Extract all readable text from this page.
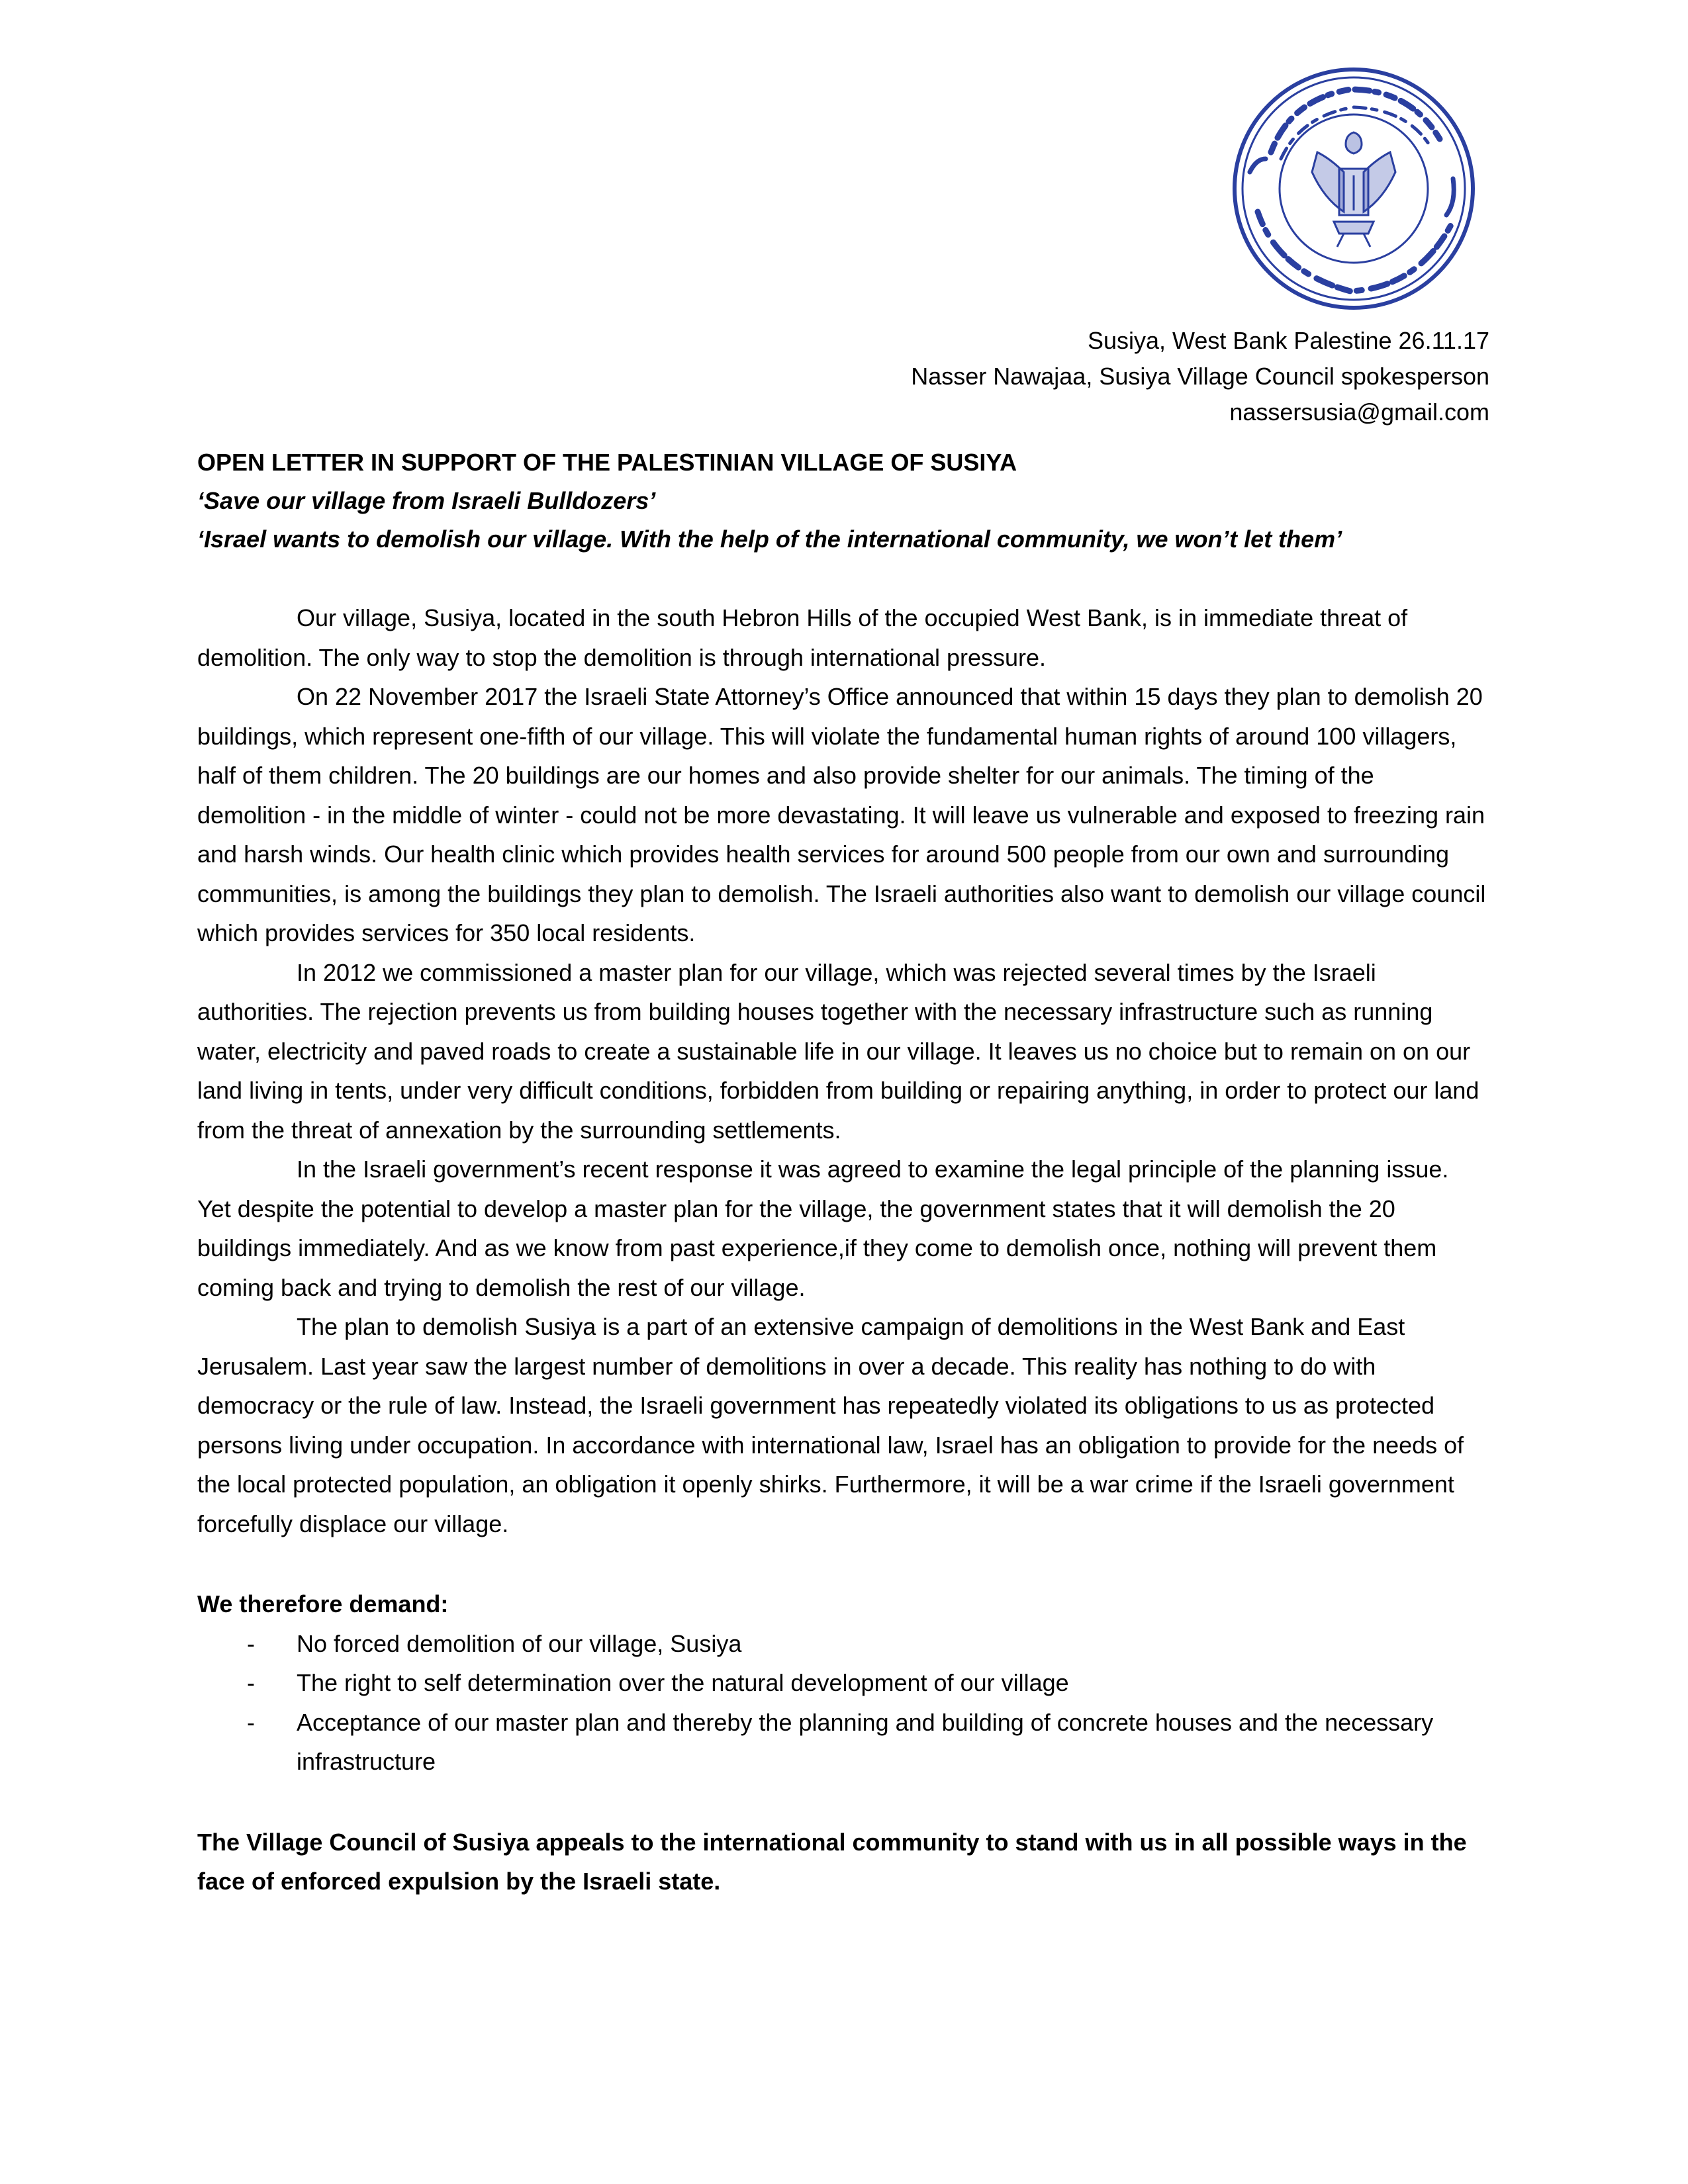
Susiya, West Bank Palestine 26.11.17
Nasser Nawajaa, Susiya Village Council spokesperson
nassersusia@gmail.com
OPEN LETTER IN SUPPORT OF THE PALESTINIAN VILLAGE OF SUSIYA
‘Save our village from Israeli Bulldozers’
‘Israel wants to demolish our village. With the help of the international community, we won’t let them’

Our village, Susiya, located in the south Hebron Hills of the occupied West Bank, is in immediate threat of demolition. The only way to stop the demolition is through international pressure.

On 22 November 2017 the Israeli State Attorney’s Office announced that within 15 days they plan to demolish 20 buildings, which represent one-fifth of our village. This will violate the fundamental human rights of around 100 villagers, half of them children. The 20 buildings are our homes and also provide shelter for our animals. The timing of the demolition - in the middle of winter - could not be more devastating. It will leave us vulnerable and exposed to freezing rain and harsh winds. Our health clinic which provides health services for around 500 people from our own and surrounding communities, is among the buildings they plan to demolish. The Israeli authorities also want to demolish our village council which provides services for 350 local residents.

In 2012 we commissioned a master plan for our village, which was rejected several times by the Israeli authorities. The rejection prevents us from building houses together with the necessary infrastructure such as running water, electricity and paved roads to create a sustainable life in our village. It leaves us no choice but to remain on on our land living in tents, under very difficult conditions, forbidden from building or repairing anything, in order to protect our land from the threat of annexation by the surrounding settlements.

In the Israeli government’s recent response it was agreed to examine the legal principle of the planning issue. Yet despite the potential to develop a master plan for the village, the government states that it will demolish the 20 buildings immediately. And as we know from past experience,if they come to demolish once, nothing will prevent them coming back and trying to demolish the rest of our village.

The plan to demolish Susiya is a part of an extensive campaign of demolitions in the West Bank and East Jerusalem. Last year saw the largest number of demolitions in over a decade. This reality has nothing to do with democracy or the rule of law. Instead, the Israeli government has repeatedly violated its obligations to us as protected persons living under occupation. In accordance with international law, Israel has an obligation to provide for the needs of the local protected population, an obligation it openly shirks. Furthermore, it will be a war crime if the Israeli government forcefully displace our village.

We therefore demand:
-	No forced demolition of our village, Susiya
-	The right to self determination over the natural development of our village
-	Acceptance of our master plan and thereby the planning and building of concrete houses and the necessary infrastructure
The Village Council of Susiya appeals to the international community to stand with us in all possible ways in the face of enforced expulsion by the Israeli state.
